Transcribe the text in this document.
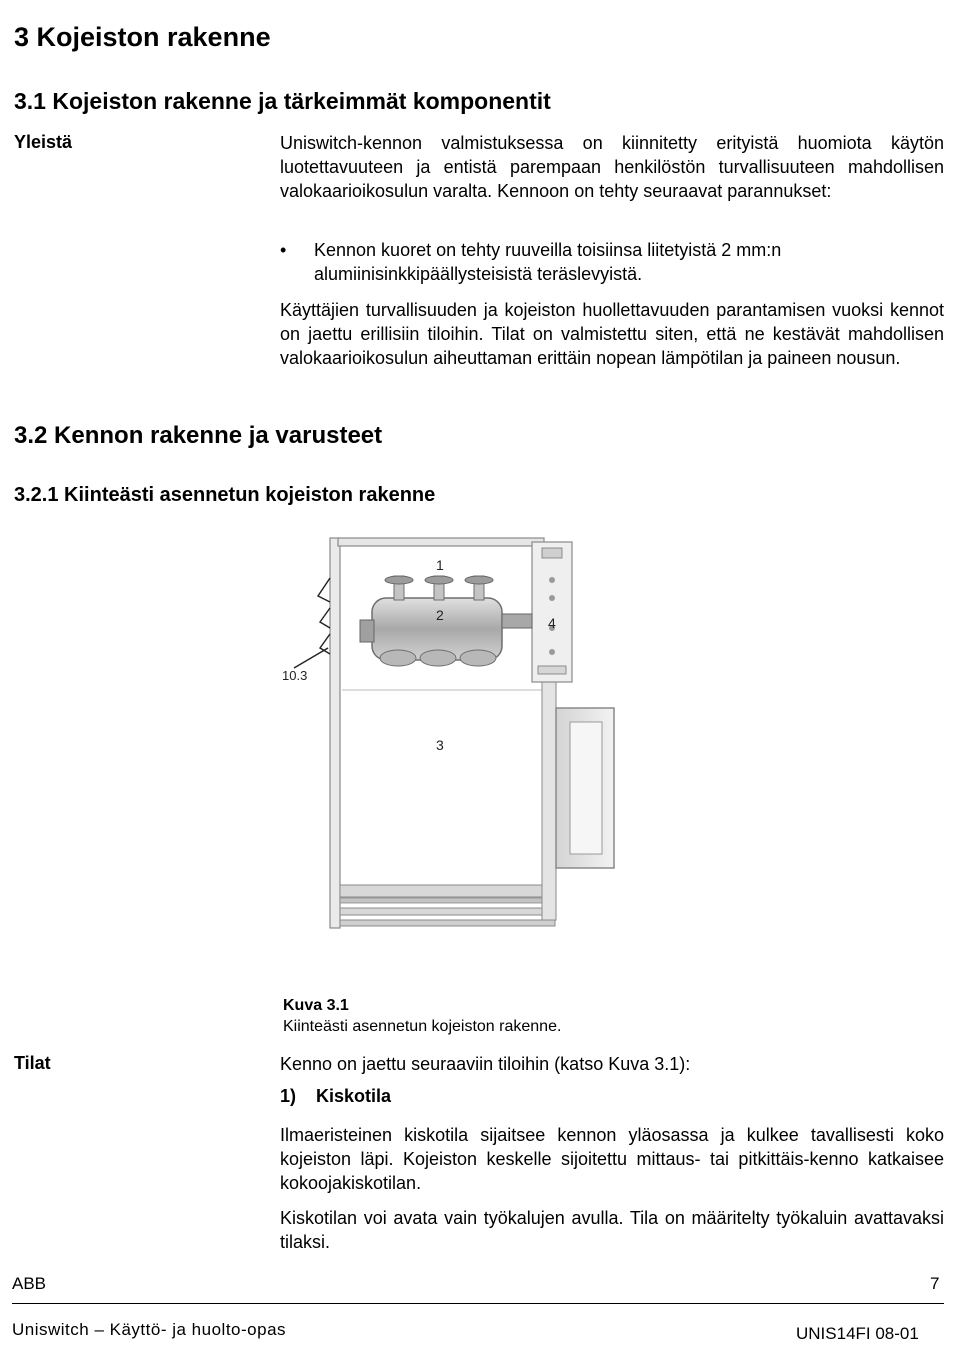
3 Kojeiston rakenne
3.1 Kojeiston rakenne ja tärkeimmät komponentit
Yleistä	Uniswitch-kennon valmistuksessa on kiinnitetty erityistä huomiota käytön luotettavuuteen ja entistä parempaan henkilöstön turvallisuuteen mahdollisen valokaarioikosulun varalta. Kennoon on tehty seuraavat parannukset:

•	Kennon kuoret on tehty ruuveilla toisiinsa liitetyistä 2 mm:n alumiinisinkkipäällysteisistä teräslevyistä.

Käyttäjien turvallisuuden ja kojeiston huollettavuuden parantamisen vuoksi kennot on jaettu erillisiin tiloihin. Tilat on valmistettu siten, että ne kestävät mahdollisen valokaarioikosulun aiheuttaman erittäin nopean lämpötilan ja paineen nousun.

3.2 Kennon rakenne ja varusteet
3.2.1 Kiinteästi asennetun kojeiston rakenne
1
2
3
4
10.3
Kuva 3.1
Kiinteästi asennetun kojeiston rakenne.
Tilat	Kenno on jaettu seuraaviin tiloihin (katso Kuva 3.1):

1) Kiskotila

Ilmaeristeinen kiskotila sijaitsee kennon yläosassa ja kulkee tavallisesti koko kojeiston läpi. Kojeiston keskelle sijoitettu mittaus- tai pitkittäis-kenno katkaisee kokoojakiskotilan.

Kiskotilan voi avata vain työkalujen avulla. Tila on määritelty työkaluin avattavaksi tilaksi.

ABB	7
Uniswitch – Käyttö- ja huolto-opas	UNIS14FI 08-01
